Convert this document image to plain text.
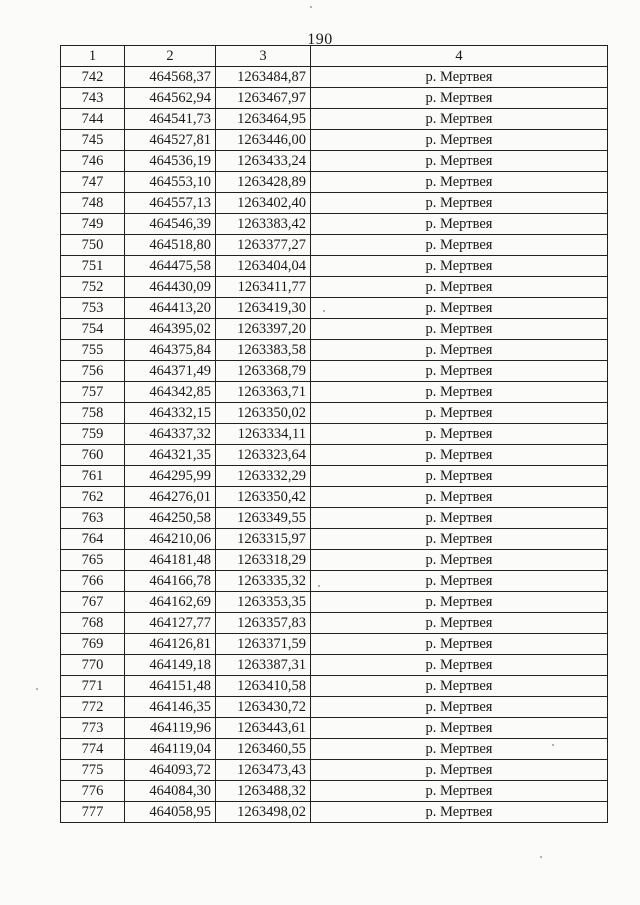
190
1	2	3	4
742	464568,37	1263484,87	р. Мертвея
743	464562,94	1263467,97	р. Мертвея
744	464541,73	1263464,95	р. Мертвея
745	464527,81	1263446,00	р. Мертвея
746	464536,19	1263433,24	р. Мертвея
747	464553,10	1263428,89	р. Мертвея
748	464557,13	1263402,40	р. Мертвея
749	464546,39	1263383,42	р. Мертвея
750	464518,80	1263377,27	р. Мертвея
751	464475,58	1263404,04	р. Мертвея
752	464430,09	1263411,77	р. Мертвея
753	464413,20	1263419,30	р. Мертвея
754	464395,02	1263397,20	р. Мертвея
755	464375,84	1263383,58	р. Мертвея
756	464371,49	1263368,79	р. Мертвея
757	464342,85	1263363,71	р. Мертвея
758	464332,15	1263350,02	р. Мертвея
759	464337,32	1263334,11	р. Мертвея
760	464321,35	1263323,64	р. Мертвея
761	464295,99	1263332,29	р. Мертвея
762	464276,01	1263350,42	р. Мертвея
763	464250,58	1263349,55	р. Мертвея
764	464210,06	1263315,97	р. Мертвея
765	464181,48	1263318,29	р. Мертвея
766	464166,78	1263335,32	р. Мертвея
767	464162,69	1263353,35	р. Мертвея
768	464127,77	1263357,83	р. Мертвея
769	464126,81	1263371,59	р. Мертвея
770	464149,18	1263387,31	р. Мертвея
771	464151,48	1263410,58	р. Мертвея
772	464146,35	1263430,72	р. Мертвея
773	464119,96	1263443,61	р. Мертвея
774	464119,04	1263460,55	р. Мертвея
775	464093,72	1263473,43	р. Мертвея
776	464084,30	1263488,32	р. Мертвея
777	464058,95	1263498,02	р. Мертвея
